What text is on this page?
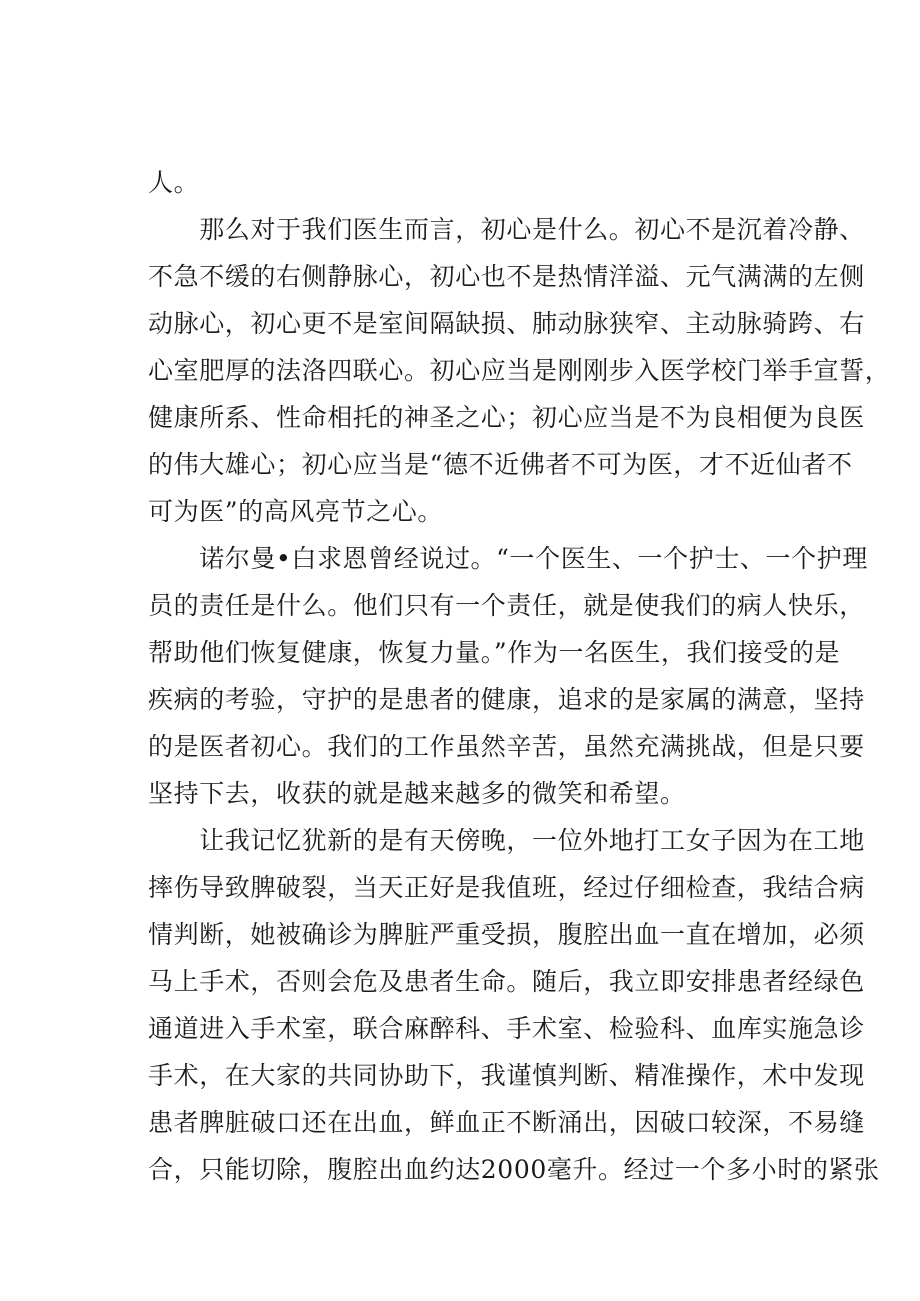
人。
　　那么对于我们医生而言，初心是什么。初心不是沉着冷静、
不急不缓的右侧静脉心，初心也不是热情洋溢、元气满满的左侧
动脉心，初心更不是室间隔缺损、肺动脉狭窄、主动脉骑跨、右
心室肥厚的法洛四联心。初心应当是刚刚步入医学校门举手宣誓，
健康所系、性命相托的神圣之心；初心应当是不为良相便为良医
的伟大雄心；初心应当是“德不近佛者不可为医，才不近仙者不
可为医”的高风亮节之心。
　　诺尔曼•白求恩曾经说过。“一个医生、一个护士、一个护理
员的责任是什么。他们只有一个责任，就是使我们的病人快乐，
帮助他们恢复健康，恢复力量。”作为一名医生，我们接受的是
疾病的考验，守护的是患者的健康，追求的是家属的满意，坚持
的是医者初心。我们的工作虽然辛苦，虽然充满挑战，但是只要
坚持下去，收获的就是越来越多的微笑和希望。
　　让我记忆犹新的是有天傍晚，一位外地打工女子因为在工地
摔伤导致脾破裂，当天正好是我值班，经过仔细检查，我结合病
情判断，她被确诊为脾脏严重受损，腹腔出血一直在增加，必须
马上手术，否则会危及患者生命。随后，我立即安排患者经绿色
通道进入手术室，联合麻醉科、手术室、检验科、血库实施急诊
手术，在大家的共同协助下，我谨慎判断、精准操作，术中发现
患者脾脏破口还在出血，鲜血正不断涌出，因破口较深，不易缝
合，只能切除，腹腔出血约达2000毫升。经过一个多小时的紧张
